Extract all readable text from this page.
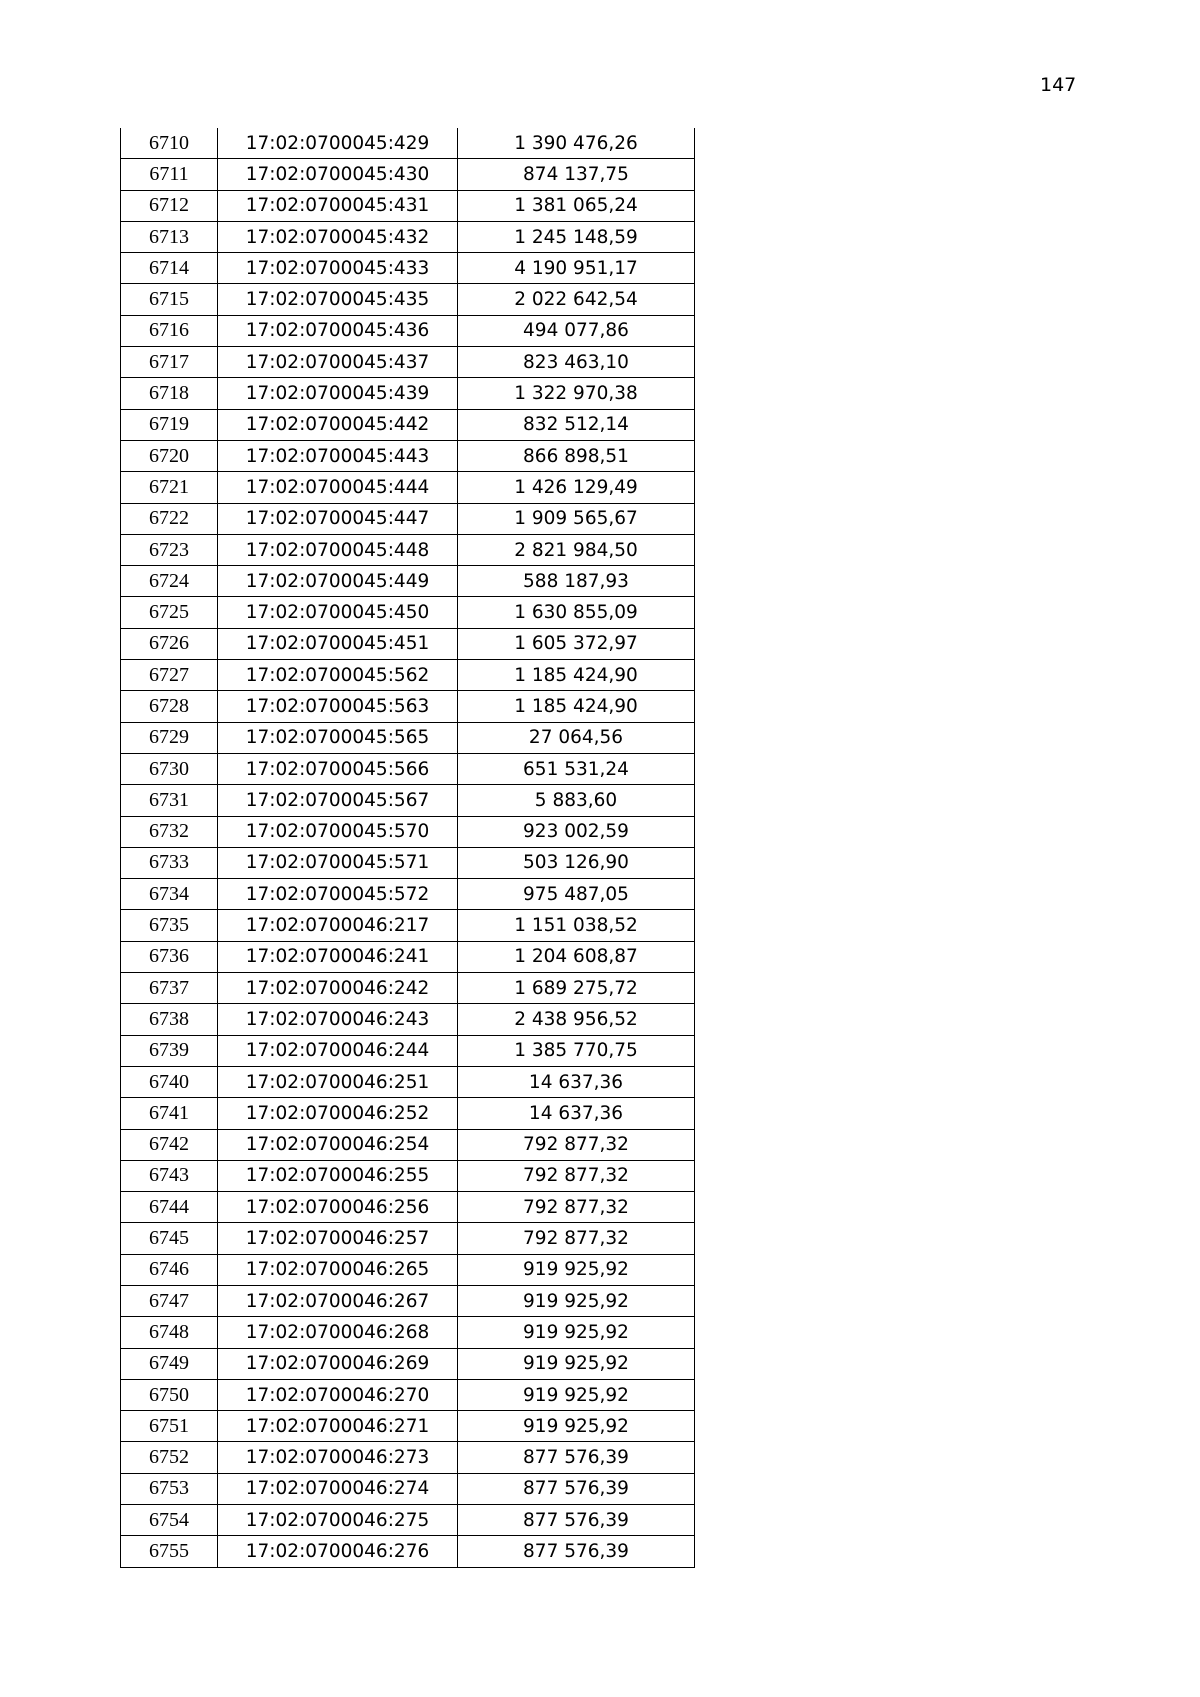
147
6710	17:02:0700045:429	1 390 476,26
6711	17:02:0700045:430	874 137,75
6712	17:02:0700045:431	1 381 065,24
6713	17:02:0700045:432	1 245 148,59
6714	17:02:0700045:433	4 190 951,17
6715	17:02:0700045:435	2 022 642,54
6716	17:02:0700045:436	494 077,86
6717	17:02:0700045:437	823 463,10
6718	17:02:0700045:439	1 322 970,38
6719	17:02:0700045:442	832 512,14
6720	17:02:0700045:443	866 898,51
6721	17:02:0700045:444	1 426 129,49
6722	17:02:0700045:447	1 909 565,67
6723	17:02:0700045:448	2 821 984,50
6724	17:02:0700045:449	588 187,93
6725	17:02:0700045:450	1 630 855,09
6726	17:02:0700045:451	1 605 372,97
6727	17:02:0700045:562	1 185 424,90
6728	17:02:0700045:563	1 185 424,90
6729	17:02:0700045:565	27 064,56
6730	17:02:0700045:566	651 531,24
6731	17:02:0700045:567	5 883,60
6732	17:02:0700045:570	923 002,59
6733	17:02:0700045:571	503 126,90
6734	17:02:0700045:572	975 487,05
6735	17:02:0700046:217	1 151 038,52
6736	17:02:0700046:241	1 204 608,87
6737	17:02:0700046:242	1 689 275,72
6738	17:02:0700046:243	2 438 956,52
6739	17:02:0700046:244	1 385 770,75
6740	17:02:0700046:251	14 637,36
6741	17:02:0700046:252	14 637,36
6742	17:02:0700046:254	792 877,32
6743	17:02:0700046:255	792 877,32
6744	17:02:0700046:256	792 877,32
6745	17:02:0700046:257	792 877,32
6746	17:02:0700046:265	919 925,92
6747	17:02:0700046:267	919 925,92
6748	17:02:0700046:268	919 925,92
6749	17:02:0700046:269	919 925,92
6750	17:02:0700046:270	919 925,92
6751	17:02:0700046:271	919 925,92
6752	17:02:0700046:273	877 576,39
6753	17:02:0700046:274	877 576,39
6754	17:02:0700046:275	877 576,39
6755	17:02:0700046:276	877 576,39
